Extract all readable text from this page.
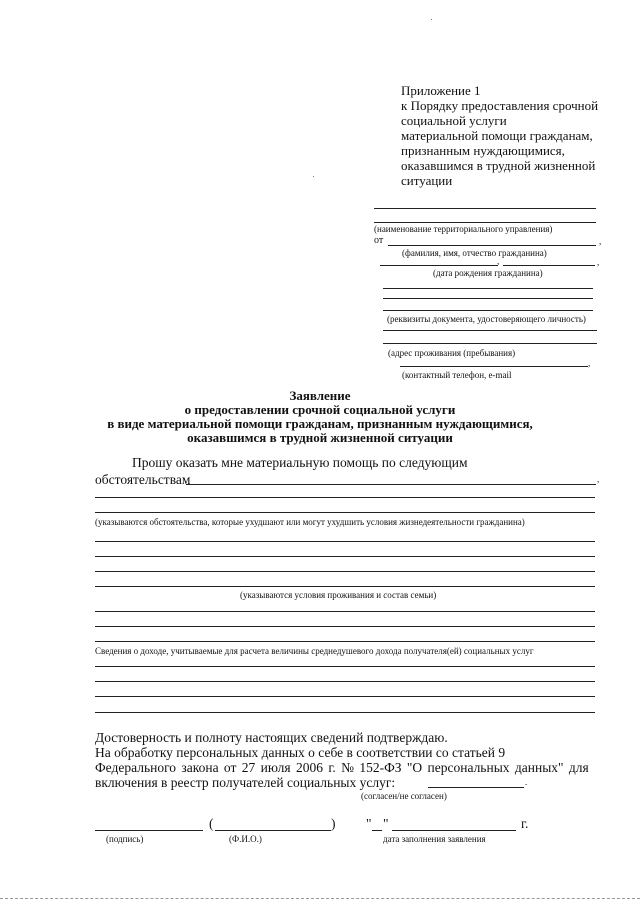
Приложение 1
к Порядку предоставления срочной
социальной услуги
материальной помощи гражданам,
признанным нуждающимися,
оказавшимся в трудной жизненной
ситуации
(наименование территориального управления)
от
	,
(фамилия, имя, отчество гражданина)
,	,
(дата рождения гражданина)
(реквизиты документа, удостоверяющего личность)
(адрес проживания (пребывания)
,
(контактный телефон, e-mail
Заявление
о предоставлении срочной социальной услуги
в виде материальной помощи гражданам, признанным нуждающимися,
оказавшимся в трудной жизненной ситуации
Прошу оказать мне материальную помощь по следующим
обстоятельствам	,
(указываются обстоятельства, которые ухудшают или могут ухудшить условия жизнедеятельности гражданина)
(указываются условия проживания и состав семьи)
Сведения о доходе, учитываемые для расчета величины среднедушевого дохода получателя(ей) социальных услуг
Достоверность и полноту настоящих сведений подтверждаю.
На обработку персональных данных о себе в соответствии со статьей 9
Федерального закона от 27 июля 2006 г. № 152-ФЗ "О персональных данных" для
включения в реестр получателей социальных услуг:	.
(согласен/не согласен)
(подпись)
(	)
(Ф.И.О.)
" "	г.
дата заполнения заявления
